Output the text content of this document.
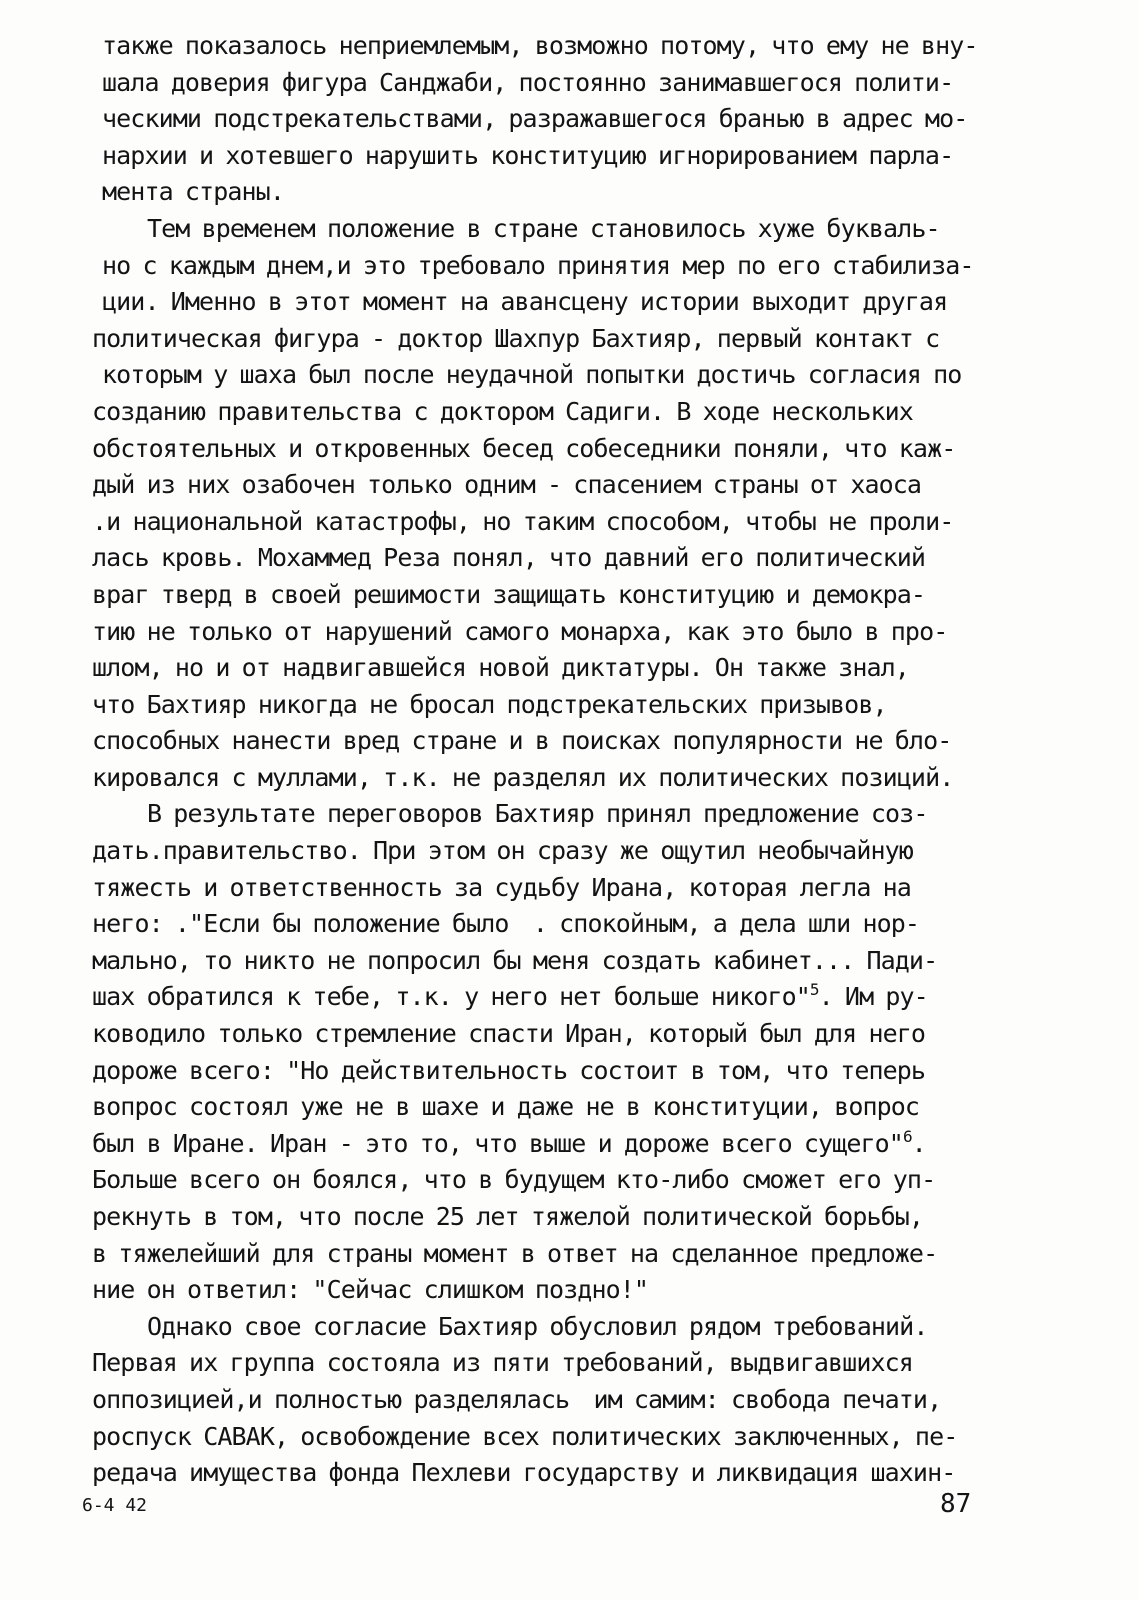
также показалось неприемлемым, возможно потому, что ему не вну-
шала доверия фигура Санджаби, постоянно занимавшегося полити-
ческими подстрекательствами, разражавшегося бранью в адрес мо-
нархии и хотевшего нарушить конституцию игнорированием парла-
мента страны.
Тем временем положение в стране становилось хуже букваль-
но с каждым днем,и это требовало принятия мер по его стабилиза-
ции. Именно в этот момент на авансцену истории выходит другая
политическая фигура - доктор Шахпур Бахтияр, первый контакт с
которым у шаха был после неудачной попытки достичь согласия по
созданию правительства с доктором Садиги. В ходе нескольких
обстоятельных и откровенных бесед собеседники поняли, что каж-
дый из них озабочен только одним - спасением страны от хаоса
.и национальной катастрофы, но таким способом, чтобы не проли-
лась кровь. Мохаммед Реза понял, что давний его политический
враг тверд в своей решимости защищать конституцию и демокра-
тию не только от нарушений самого монарха, как это было в про-
шлом, но и от надвигавшейся новой диктатуры. Он также знал,
что Бахтияр никогда не бросал подстрекательских призывов,
способных нанести вред стране и в поисках популярности не бло-
кировался с муллами, т.к. не разделял их политических позиций.
В результате переговоров Бахтияр принял предложение соз-
дать.правительство. При этом он сразу же ощутил необычайную
тяжесть и ответственность за судьбу Ирана, которая легла на
него: ."Если бы положение было  . спокойным, а дела шли нор-
мально, то никто не попросил бы меня создать кабинет... Пади-
шах обратился к тебе, т.к. у него нет больше никого"$^5$. Им ру-
ководило только стремление спасти Иран, который был для него
дороже всего: "Но действительность состоит в том, что теперь
вопрос состоял уже не в шахе и даже не в конституции, вопрос
был в Иране. Иран - это то, что выше и дороже всего сущего"$^6$.
Больше всего он боялся, что в будущем кто-либо сможет его уп-
рекнуть в том, что после 25 лет тяжелой политической борьбы,
в тяжелейший для страны момент в ответ на сделанное предложе-
ние он ответил: "Сейчас слишком поздно!"
Однако свое согласие Бахтияр обусловил рядом требований.
Первая их группа состояла из пяти требований, выдвигавшихся
оппозицией,и полностью разделялась  им самим: свобода печати,
роспуск САВАК, освобождение всех политических заключенных, пе-
редача имущества фонда Пехлеви государству и ликвидация шахин-
6-4 42	87
